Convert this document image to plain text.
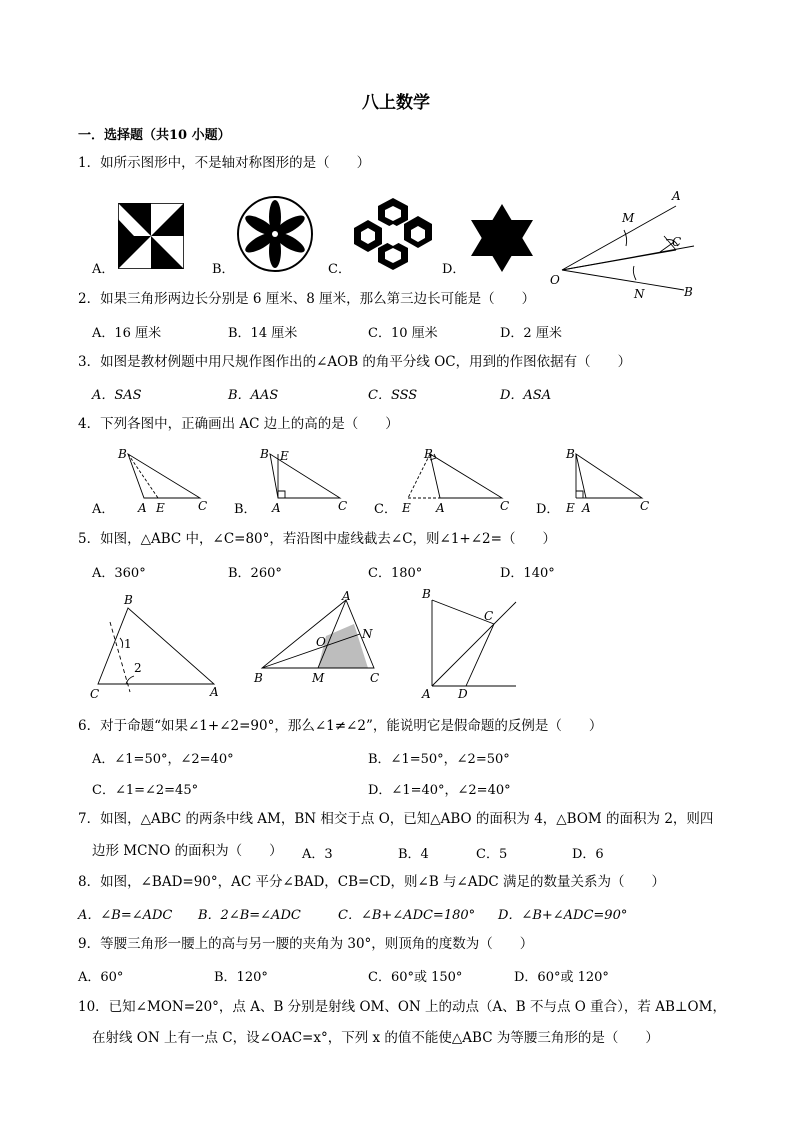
八上数学
一．选择题（共10 小题）
1．如所示图形中，不是轴对称图形的是（　　）
A．	B．	C．	D．
A
M
C
O
N	B
2．如果三角形两边长分别是 6 厘米、8 厘米，那么第三边长可能是（　　）
A．16 厘米	B．14 厘米	C．10 厘米	D．2 厘米
3．如图是教材例题中用尺规作图作出的∠AOB 的角平分线 OC，用到的作图依据有（　　）
A．SAS	B．AAS	C．SSS	D．ASA
4．下列各图中，正确画出 AC 边上的高的是（　　）
B
A E	C
A．
B E
A	C
B．
B
E A	C
C．
B
E A	C
D．
5．如图，△ABC 中，∠C=80°，若沿图中虚线截去∠C，则∠1+∠2=（　　）
A．360°	B．260°	C．180°	D．140°
B
1
2
C	A
A
N
O
B	M	C
B
C
A D
6．对于命题“如果∠1+∠2=90°，那么∠1≠∠2”，能说明它是假命题的反例是（　　）
A．∠1=50°，∠2=40°	B．∠1=50°，∠2=50°
C．∠1=∠2=45°	D．∠1=40°，∠2=40°
7．如图，△ABC 的两条中线 AM，BN 相交于点 O，已知△ABO 的面积为 4，△BOM 的面积为 2，则四
边形 MCNO 的面积为（　　） A．3	B．4	C．5	D．6
8．如图，∠BAD=90°，AC 平分∠BAD，CB=CD，则∠B 与∠ADC 满足的数量关系为（　　）
A．∠B=∠ADC B．2∠B=∠ADC	C．∠B+∠ADC=180° D．∠B+∠ADC=90°
9．等腰三角形一腰上的高与另一腰的夹角为 30°，则顶角的度数为（　　）
A．60°	B．120°	C．60°或 150°	D．60°或 120°
10．已知∠MON=20°，点 A、B 分别是射线 OM、ON 上的动点（A、B 不与点 O 重合），若 AB⊥OM，
在射线 ON 上有一点 C，设∠OAC=x°，下列 x 的值不能使△ABC 为等腰三角形的是（　　）
